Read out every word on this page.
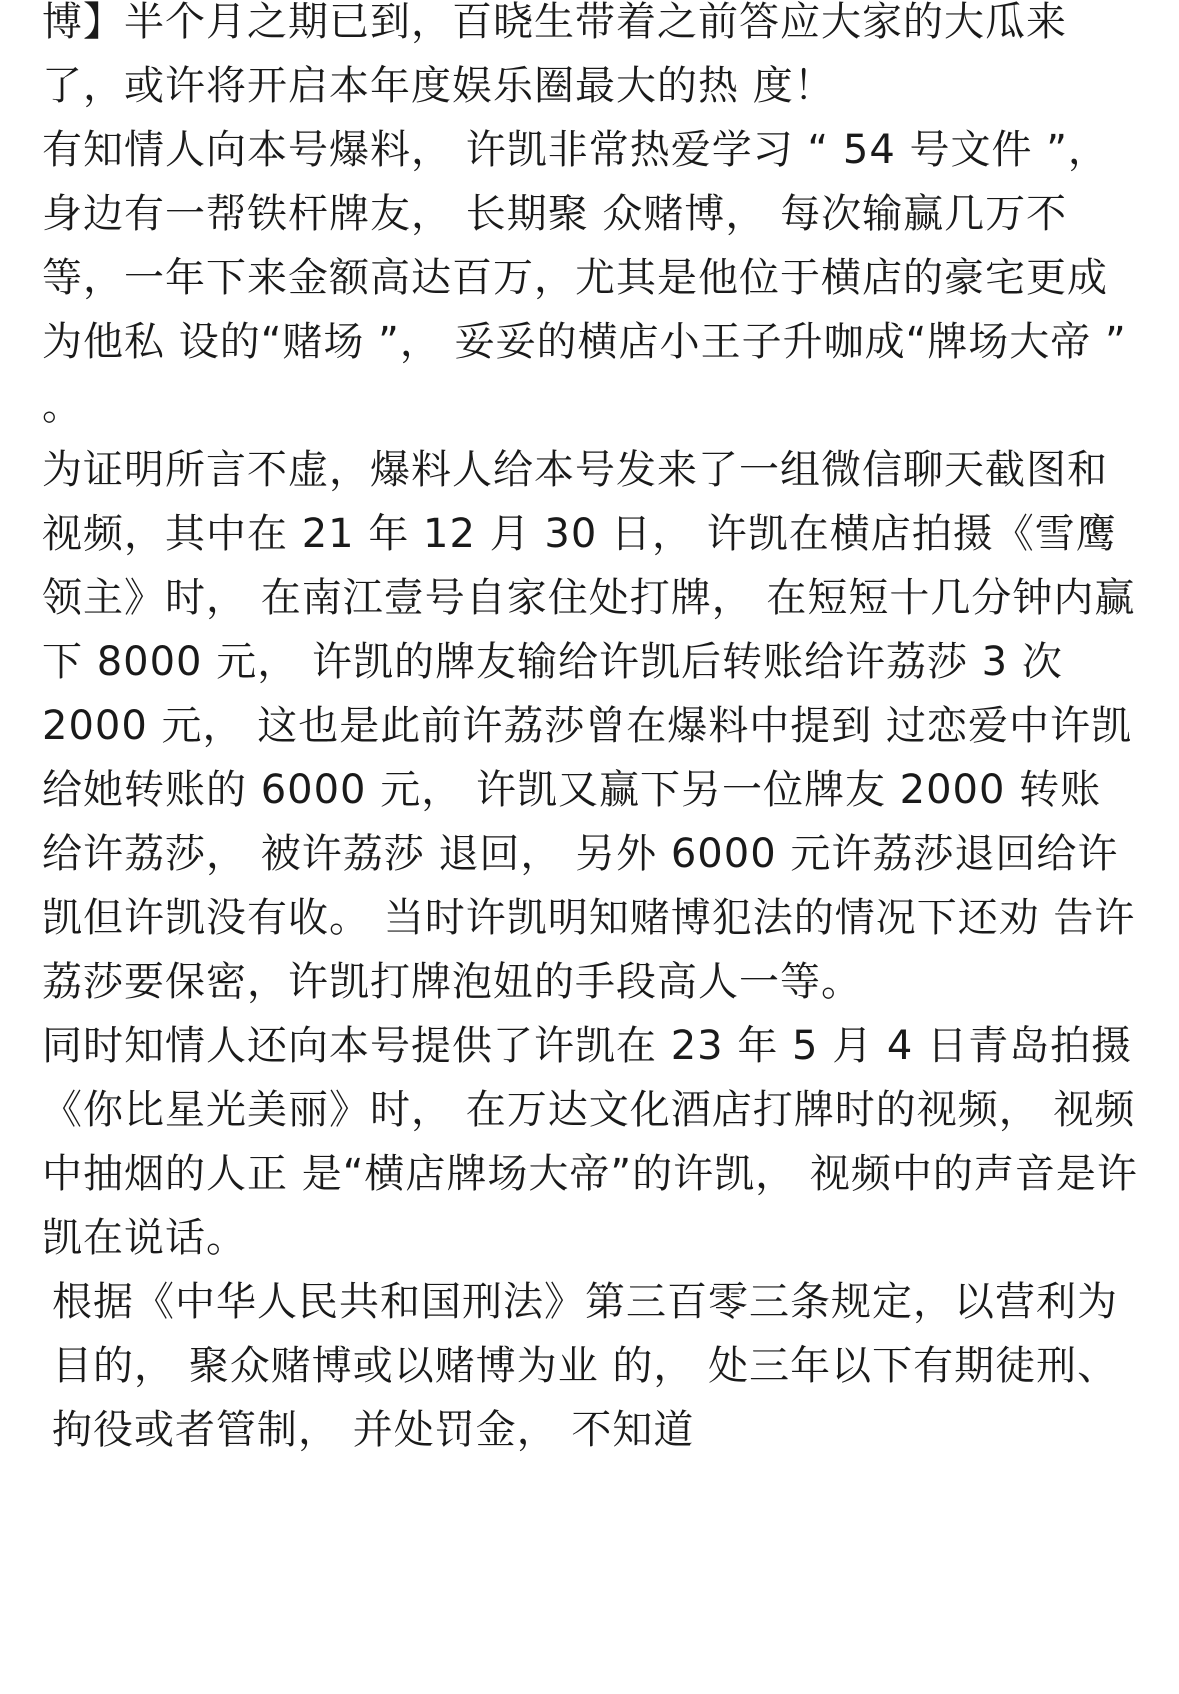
博】半个月之期已到，百晓生带着之前答应大家的大瓜来了，或许将开启本年度娱乐圈最大的热 度！

有知情人向本号爆料， 许凯非常热爱学习 “ 54 号文件 ”， 身边有一帮铁杆牌友， 长期聚 众赌博， 每次输赢几万不等，一年下来金额高达百万，尤其是他位于横店的豪宅更成为他私 设的“赌场 ”， 妥妥的横店小王子升咖成“牌场大帝 ” 。

为证明所言不虚，爆料人给本号发来了一组微信聊天截图和视频，其中在 21 年 12 月 30 日， 许凯在横店拍摄《雪鹰领主》时， 在南江壹号自家住处打牌， 在短短十几分钟内赢下 8000 元， 许凯的牌友输给许凯后转账给许荔莎 3 次 2000 元， 这也是此前许荔莎曾在爆料中提到 过恋爱中许凯给她转账的 6000 元， 许凯又赢下另一位牌友 2000 转账给许荔莎， 被许荔莎 退回， 另外 6000 元许荔莎退回给许凯但许凯没有收。 当时许凯明知赌博犯法的情况下还劝 告许荔莎要保密，许凯打牌泡妞的手段高人一等。

同时知情人还向本号提供了许凯在 23 年 5 月 4 日青岛拍摄《你比星光美丽》时， 在万达文化酒店打牌时的视频， 视频中抽烟的人正 是“横店牌场大帝”的许凯， 视频中的声音是许凯在说话。

根据《中华人民共和国刑法》第三百零三条规定，以营利为目的， 聚众赌博或以赌博为业 的， 处三年以下有期徒刑、拘役或者管制， 并处罚金， 不知道
